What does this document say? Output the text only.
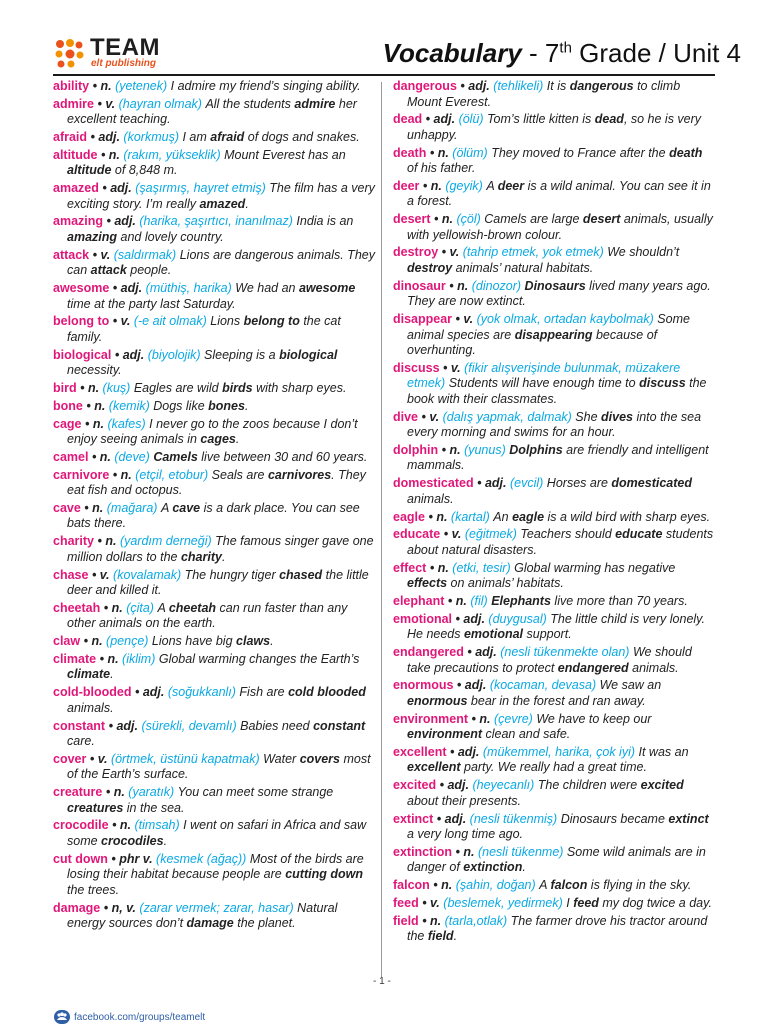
TEAM
elt publishing	Vocabulary - 7th Grade / Unit 4
ability • n. (yetenek) I admire my friend’s singing ability.
admire • v. (hayran olmak) All the students admire her excellent teaching.
afraid • adj. (korkmuş) I am afraid of dogs and snakes.
altitude • n. (rakım, yükseklik) Mount Everest has an altitude of 8,848 m.
amazed • adj. (şaşırmış, hayret etmiş) The film has a very exciting story. I’m really amazed.
amazing • adj. (harika, şaşırtıcı, inanılmaz) India is an amazing and lovely country.
attack • v. (saldırmak) Lions are dangerous animals. They can attack people.
awesome • adj. (müthiş, harika) We had an awesome time at the party last Saturday.
belong to • v. (-e ait olmak) Lions belong to the cat family.
biological • adj. (biyolojik) Sleeping is a biological necessity.
bird • n. (kuş) Eagles are wild birds with sharp eyes.
bone • n. (kemik) Dogs like bones.
cage • n. (kafes) I never go to the zoos because I don’t enjoy seeing animals in cages.
camel • n. (deve) Camels live between 30 and 60 years.
carnivore • n. (etçil, etobur) Seals are carnivores. They eat fish and octopus.
cave • n. (mağara) A cave is a dark place. You can see bats there.
charity • n. (yardım derneği) The famous singer gave one million dollars to the charity.
chase • v. (kovalamak) The hungry tiger chased the little deer and killed it.
cheetah • n. (çita) A cheetah can run faster than any other animals on the earth.
claw • n. (pençe) Lions have big claws.
climate • n. (iklim) Global warming changes the Earth’s climate.
cold-blooded • adj. (soğukkanlı) Fish are cold blooded animals.
constant • adj. (sürekli, devamlı) Babies need constant care.
cover • v. (örtmek, üstünü kapatmak) Water covers most of the Earth’s surface.
creature • n. (yaratık) You can meet some strange creatures in the sea.
crocodile • n. (timsah) I went on safari in Africa and saw some crocodiles.
cut down • phr v. (kesmek (ağaç)) Most of the birds are losing their habitat because people are cutting down the trees.
damage • n, v. (zarar vermek; zarar, hasar) Natural energy sources don’t damage the planet.
dangerous • adj. (tehlikeli) It is dangerous to climb Mount Everest.
dead • adj. (ölü) Tom’s little kitten is dead, so he is very unhappy.
death • n. (ölüm) They moved to France after the death of his father.
deer • n. (geyik) A deer is a wild animal. You can see it in a forest.
desert • n. (çöl) Camels are large desert animals, usually with yellowish-brown colour.
destroy • v. (tahrip etmek, yok etmek) We shouldn’t destroy animals’ natural habitats.
dinosaur • n. (dinozor) Dinosaurs lived many years ago. They are now extinct.
disappear • v. (yok olmak, ortadan kaybolmak) Some animal species are disappearing because of overhunting.
discuss • v. (fikir alışverişinde bulunmak, müzakere etmek) Students will have enough time to discuss the book with their classmates.
dive • v. (dalış yapmak, dalmak) She dives into the sea every morning and swims for an hour.
dolphin • n. (yunus) Dolphins are friendly and intelligent mammals.
domesticated • adj. (evcil) Horses are domesticated animals.
eagle • n. (kartal) An eagle is a wild bird with sharp eyes.
educate • v. (eğitmek) Teachers should educate students about natural disasters.
effect • n. (etki, tesir) Global warming has negative effects on animals’ habitats.
elephant • n. (fil) Elephants live more than 70 years.
emotional • adj. (duygusal) The little child is very lonely. He needs emotional support.
endangered • adj. (nesli tükenmekte olan) We should take precautions to protect endangered animals.
enormous • adj. (kocaman, devasa) We saw an enormous bear in the forest and ran away.
environment • n. (çevre) We have to keep our environment clean and safe.
excellent • adj. (mükemmel, harika, çok iyi) It was an excellent party. We really had a great time.
excited • adj. (heyecanlı) The children were excited about their presents.
extinct • adj. (nesli tükenmiş) Dinosaurs became extinct a very long time ago.
extinction • n. (nesli tükenme) Some wild animals are in danger of extinction.
falcon • n. (şahin, doğan) A falcon is flying in the sky.
feed • v. (beslemek, yedirmek) I feed my dog twice a day.
field • n. (tarla,otlak) The farmer drove his tractor around the field.
- 1 -
facebook.com/groups/teamelt
